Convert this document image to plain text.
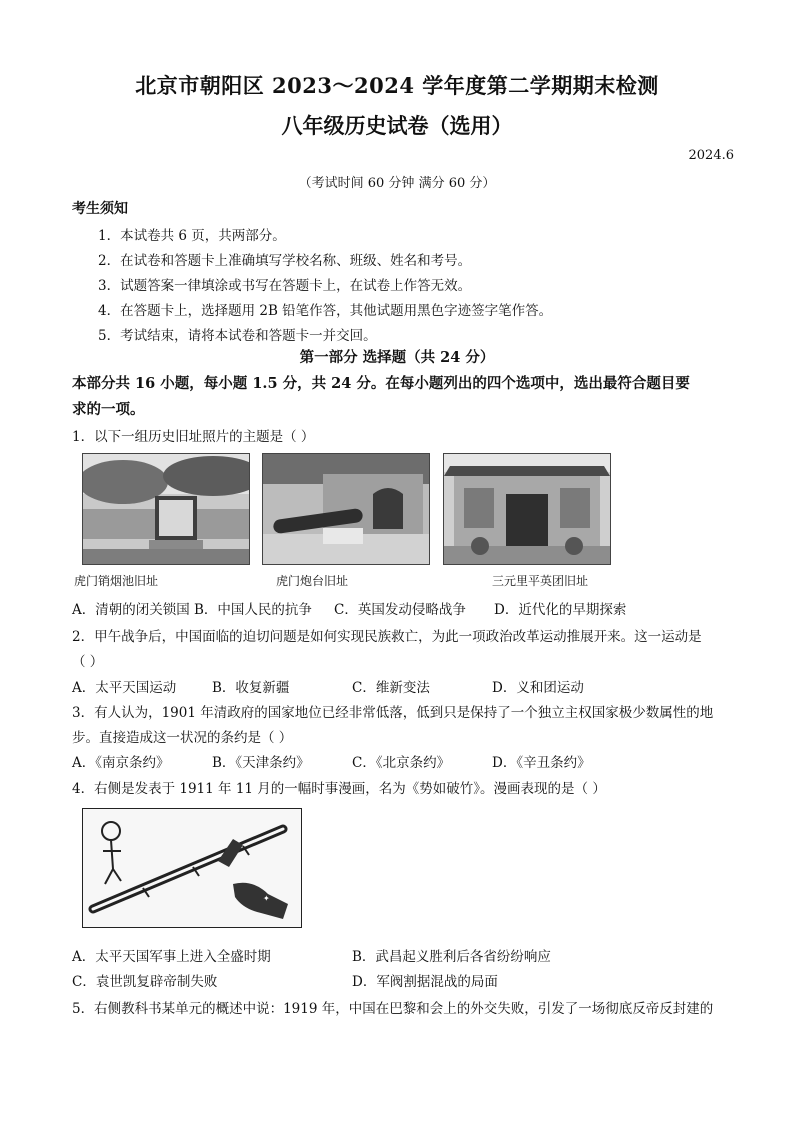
北京市朝阳区 2023～2024 学年度第二学期期末检测
八年级历史试卷（选用）
2024.6
（考试时间 60 分钟 满分 60 分）
考生须知
1．本试卷共 6 页，共两部分。
2．在试卷和答题卡上准确填写学校名称、班级、姓名和考号。
3．试题答案一律填涂或书写在答题卡上，在试卷上作答无效。
4．在答题卡上，选择题用 2B 铅笔作答，其他试题用黑色字迹签字笔作答。
5．考试结束，请将本试卷和答题卡一并交回。
第一部分 选择题（共 24 分）
本部分共 16 小题，每小题 1.5 分，共 24 分。在每小题列出的四个选项中，选出最符合题目要
求的一项。
1．以下一组历史旧址照片的主题是（ ）
虎门销烟池旧址	虎门炮台旧址	三元里平英团旧址
A．清朝的闭关锁国 B．中国人民的抗争 C．英国发动侵略战争 D．近代化的早期探索
2．甲午战争后，中国面临的迫切问题是如何实现民族救亡，为此一项政治改革运动推展开来。这一运动是
（ ）
A．太平天国运动	B．收复新疆	C．维新变法	D．义和团运动
3．有人认为，1901 年清政府的国家地位已经非常低落，低到只是保持了一个独立主权国家极少数属性的地
步。直接造成这一状况的条约是（ ）
A．《南京条约》	B．《天津条约》	C．《北京条约》	D．《辛丑条约》
4．右侧是发表于 1911 年 11 月的一幅时事漫画，名为《势如破竹》。漫画表现的是（ ）
✦
A．太平天国军事上进入全盛时期	B．武昌起义胜利后各省纷纷响应
C．袁世凯复辟帝制失败	D．军阀割据混战的局面
5．右侧教科书某单元的概述中说：1919 年，中国在巴黎和会上的外交失败，引发了一场彻底反帝反封建的
